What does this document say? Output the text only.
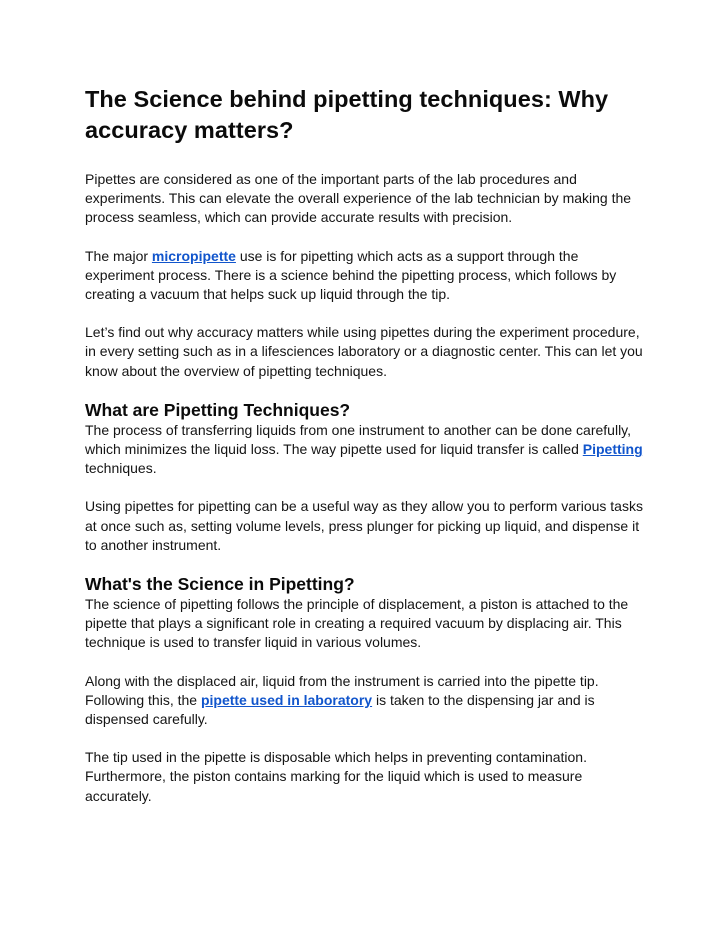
The Science behind pipetting techniques: Why accuracy matters?

Pipettes are considered as one of the important parts of the lab procedures and experiments. This can elevate the overall experience of the lab technician by making the process seamless, which can provide accurate results with precision.

The major micropipette use is for pipetting which acts as a support through the experiment process. There is a science behind the pipetting process, which follows by creating a vacuum that helps suck up liquid through the tip.

Let’s find out why accuracy matters while using pipettes during the experiment procedure, in every setting such as in a lifesciences laboratory or a diagnostic center. This can let you know about the overview of pipetting techniques.

What are Pipetting Techniques?

The process of transferring liquids from one instrument to another can be done carefully, which minimizes the liquid loss. The way pipette used for liquid transfer is called Pipetting techniques.

Using pipettes for pipetting can be a useful way as they allow you to perform various tasks at once such as, setting volume levels, press plunger for picking up liquid, and dispense it to another instrument.

What's the Science in Pipetting?

The science of pipetting follows the principle of displacement, a piston is attached to the pipette that plays a significant role in creating a required vacuum by displacing air. This technique is used to transfer liquid in various volumes.

Along with the displaced air, liquid from the instrument is carried into the pipette tip. Following this, the pipette used in laboratory is taken to the dispensing jar and is dispensed carefully.

The tip used in the pipette is disposable which helps in preventing contamination. Furthermore, the piston contains marking for the liquid which is used to measure accurately.
